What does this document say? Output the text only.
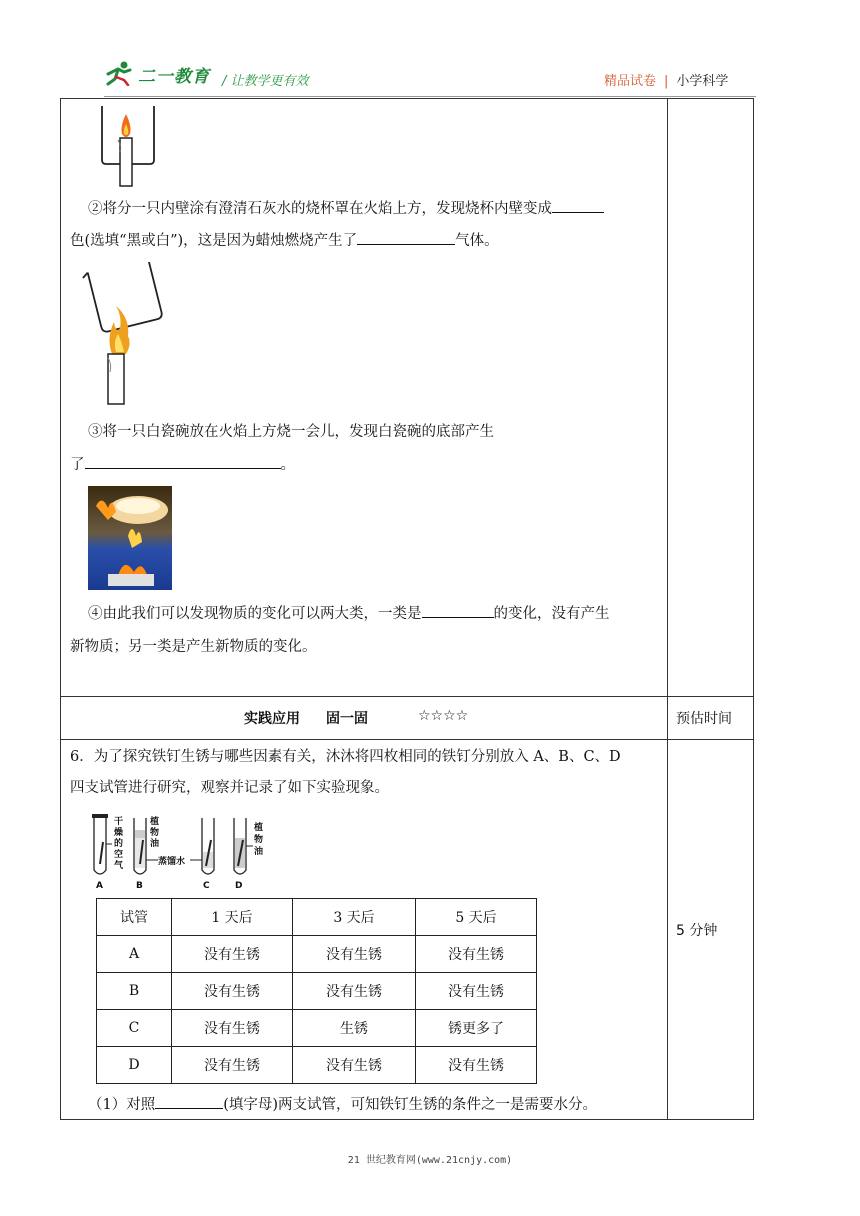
二一教育 / 让教学更有效	精品试卷 | 小学科学
②将分一只内壁涂有澄清石灰水的烧杯罩在火焰上方，发现烧杯内壁变成
色(选填“黑或白”)，这是因为蜡烛燃烧产生了	气体。
③将一只白瓷碗放在火焰上方烧一会儿，发现白瓷碗的底部产生
了	。
④由此我们可以发现物质的变化可以两大类，一类是	的变化，没有产生
新物质；另一类是产生新物质的变化。
实践应用 固一固	☆☆☆☆	预估时间
6．为了探究铁钉生锈与哪些因素有关，沐沐将四枚相同的铁钉分别放入 A、B、C、D
四支试管进行研究，观察并记录了如下实验现象。
干
燥
的
空
气
A
植
物
油
B
蒸馏水
C
植
物
油
D
试管	1 天后	3 天后	5 天后
A	没有生锈	没有生锈	没有生锈
B	没有生锈	没有生锈	没有生锈
C	没有生锈	生锈	锈更多了
D	没有生锈	没有生锈	没有生锈
5 分钟
（1）对照	(填字母)两支试管，可知铁钉生锈的条件之一是需要水分。
21 世纪教育网(www.21cnjy.com)
